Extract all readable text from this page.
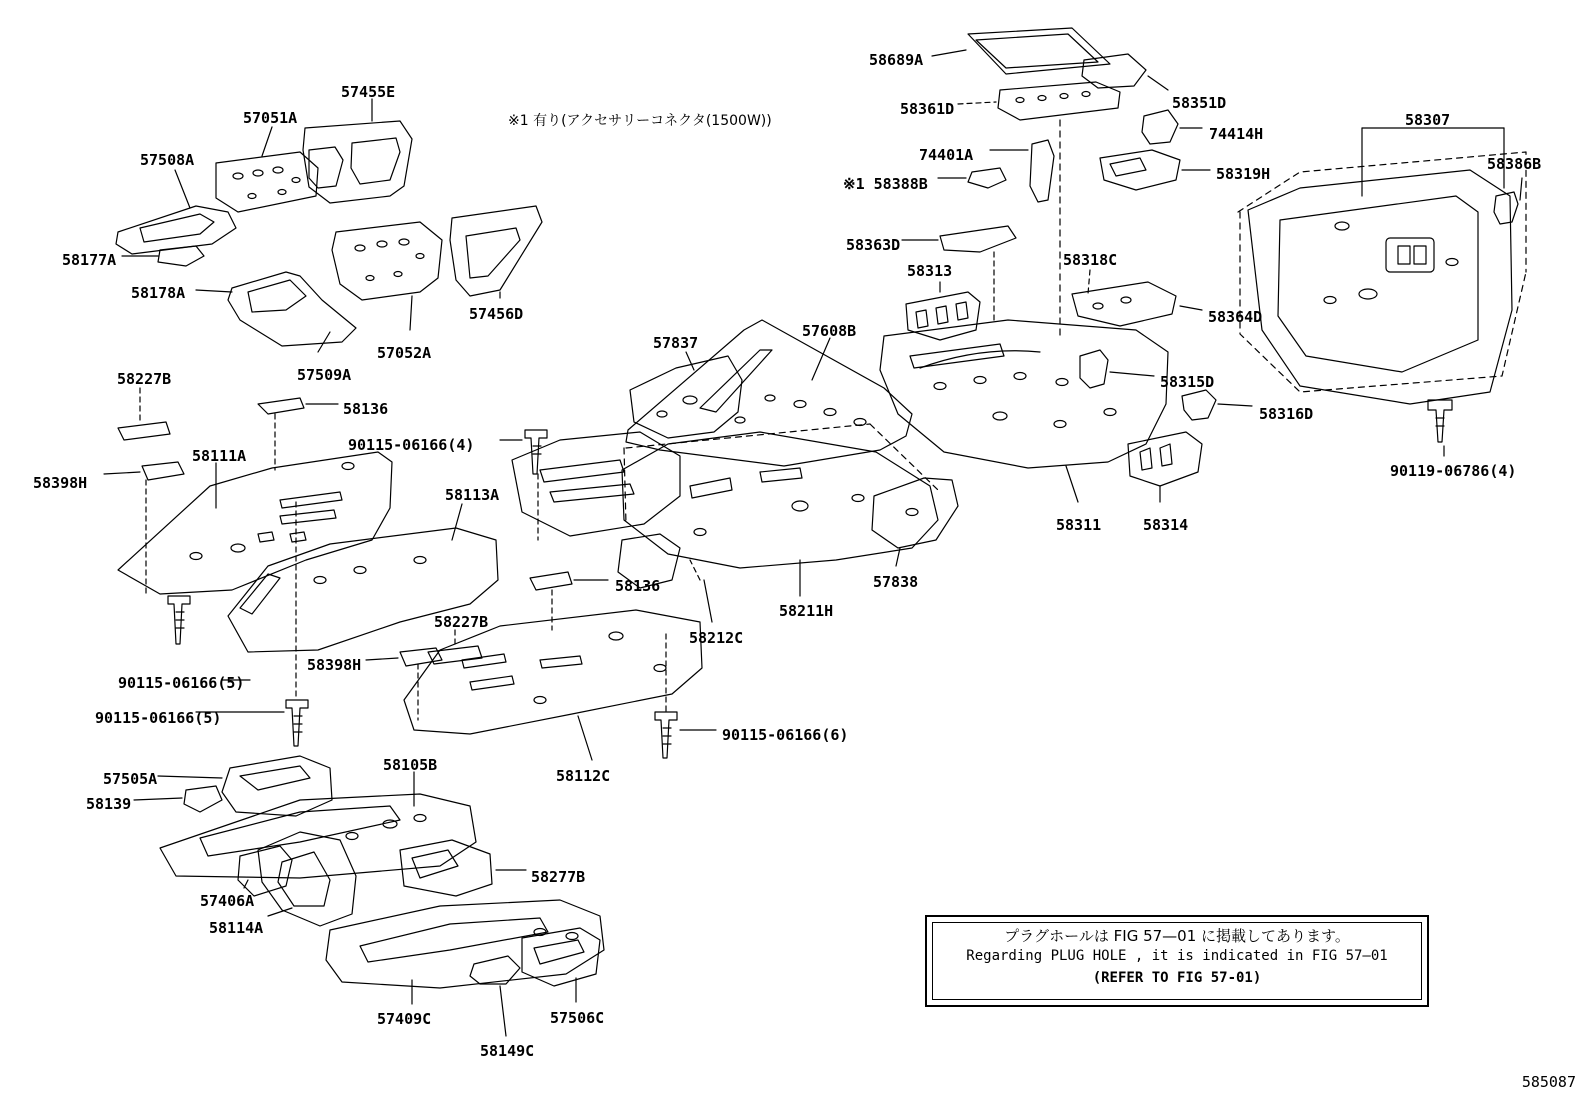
※1 有り(アクセサリーコネクタ(1500W))
57455E
57051A
57508A
58177A
58178A
57456D
57509A
57052A
58227B
58136
90115-06166(4)
58111A
58398H
58113A
58136
58227B
58398H
90115-06166(5)
90115-06166(5)
90115-06166(6)
58105B
58112C
58212C
58211H
57838
57837
57608B
57505A
58139
57406A
58114A
58277B
57409C
58149C
57506C
58689A
58361D	58351D
74414H
74401A
※1 58388B
58319H
58363D
58313
58318C
58364D
58315D
58316D
58311	58314
58307
58386B
90119-06786(4)
プラグホールは FIG 57—01 に掲載してあります。
Regarding PLUG HOLE , it is indicated in FIG 57—01
(REFER TO FIG 57-01)
585087
